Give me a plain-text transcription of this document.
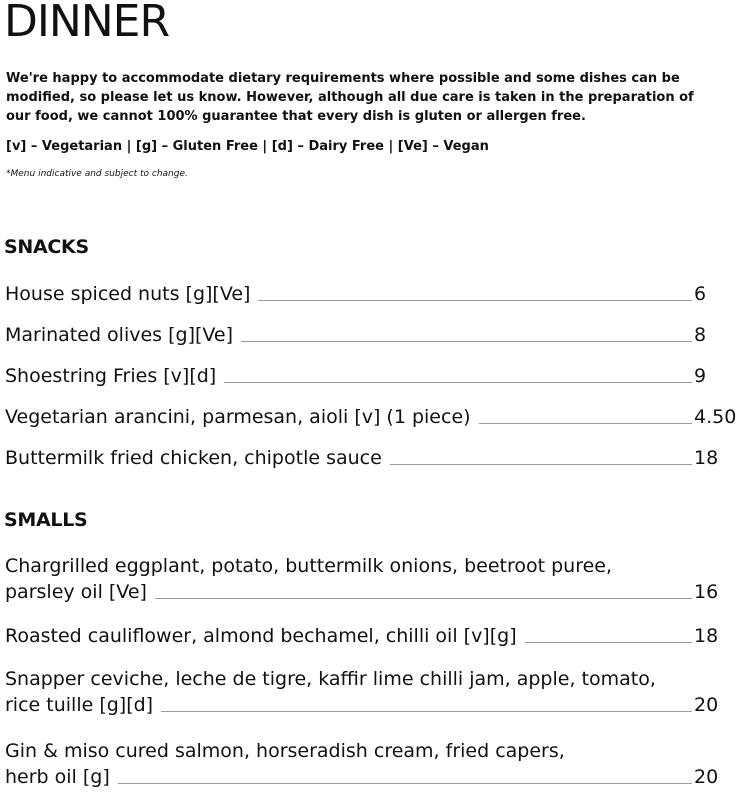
DINNER
We're happy to accommodate dietary requirements where possible and some dishes can be modified, so please let us know. However, although all due care is taken in the preparation of our food, we cannot 100% guarantee that every dish is gluten or allergen free.
[v] – Vegetarian | [g] – Gluten Free | [d] – Dairy Free | [Ve] – Vegan
*Menu indicative and subject to change.
SNACKS
House spiced nuts [g][Ve]	6
Marinated olives [g][Ve]	8
Shoestring Fries [v][d]	9
Vegetarian arancini, parmesan, aioli [v] (1 piece)	4.50
Buttermilk fried chicken, chipotle sauce	18
SMALLS
Chargrilled eggplant, potato, buttermilk onions, beetroot puree,
parsley oil [Ve]	16
Roasted cauliflower, almond bechamel, chilli oil [v][g]	18
Snapper ceviche, leche de tigre, kaffir lime chilli jam, apple, tomato,
rice tuille [g][d]	20
Gin & miso cured salmon, horseradish cream, fried capers,
herb oil [g]	20
